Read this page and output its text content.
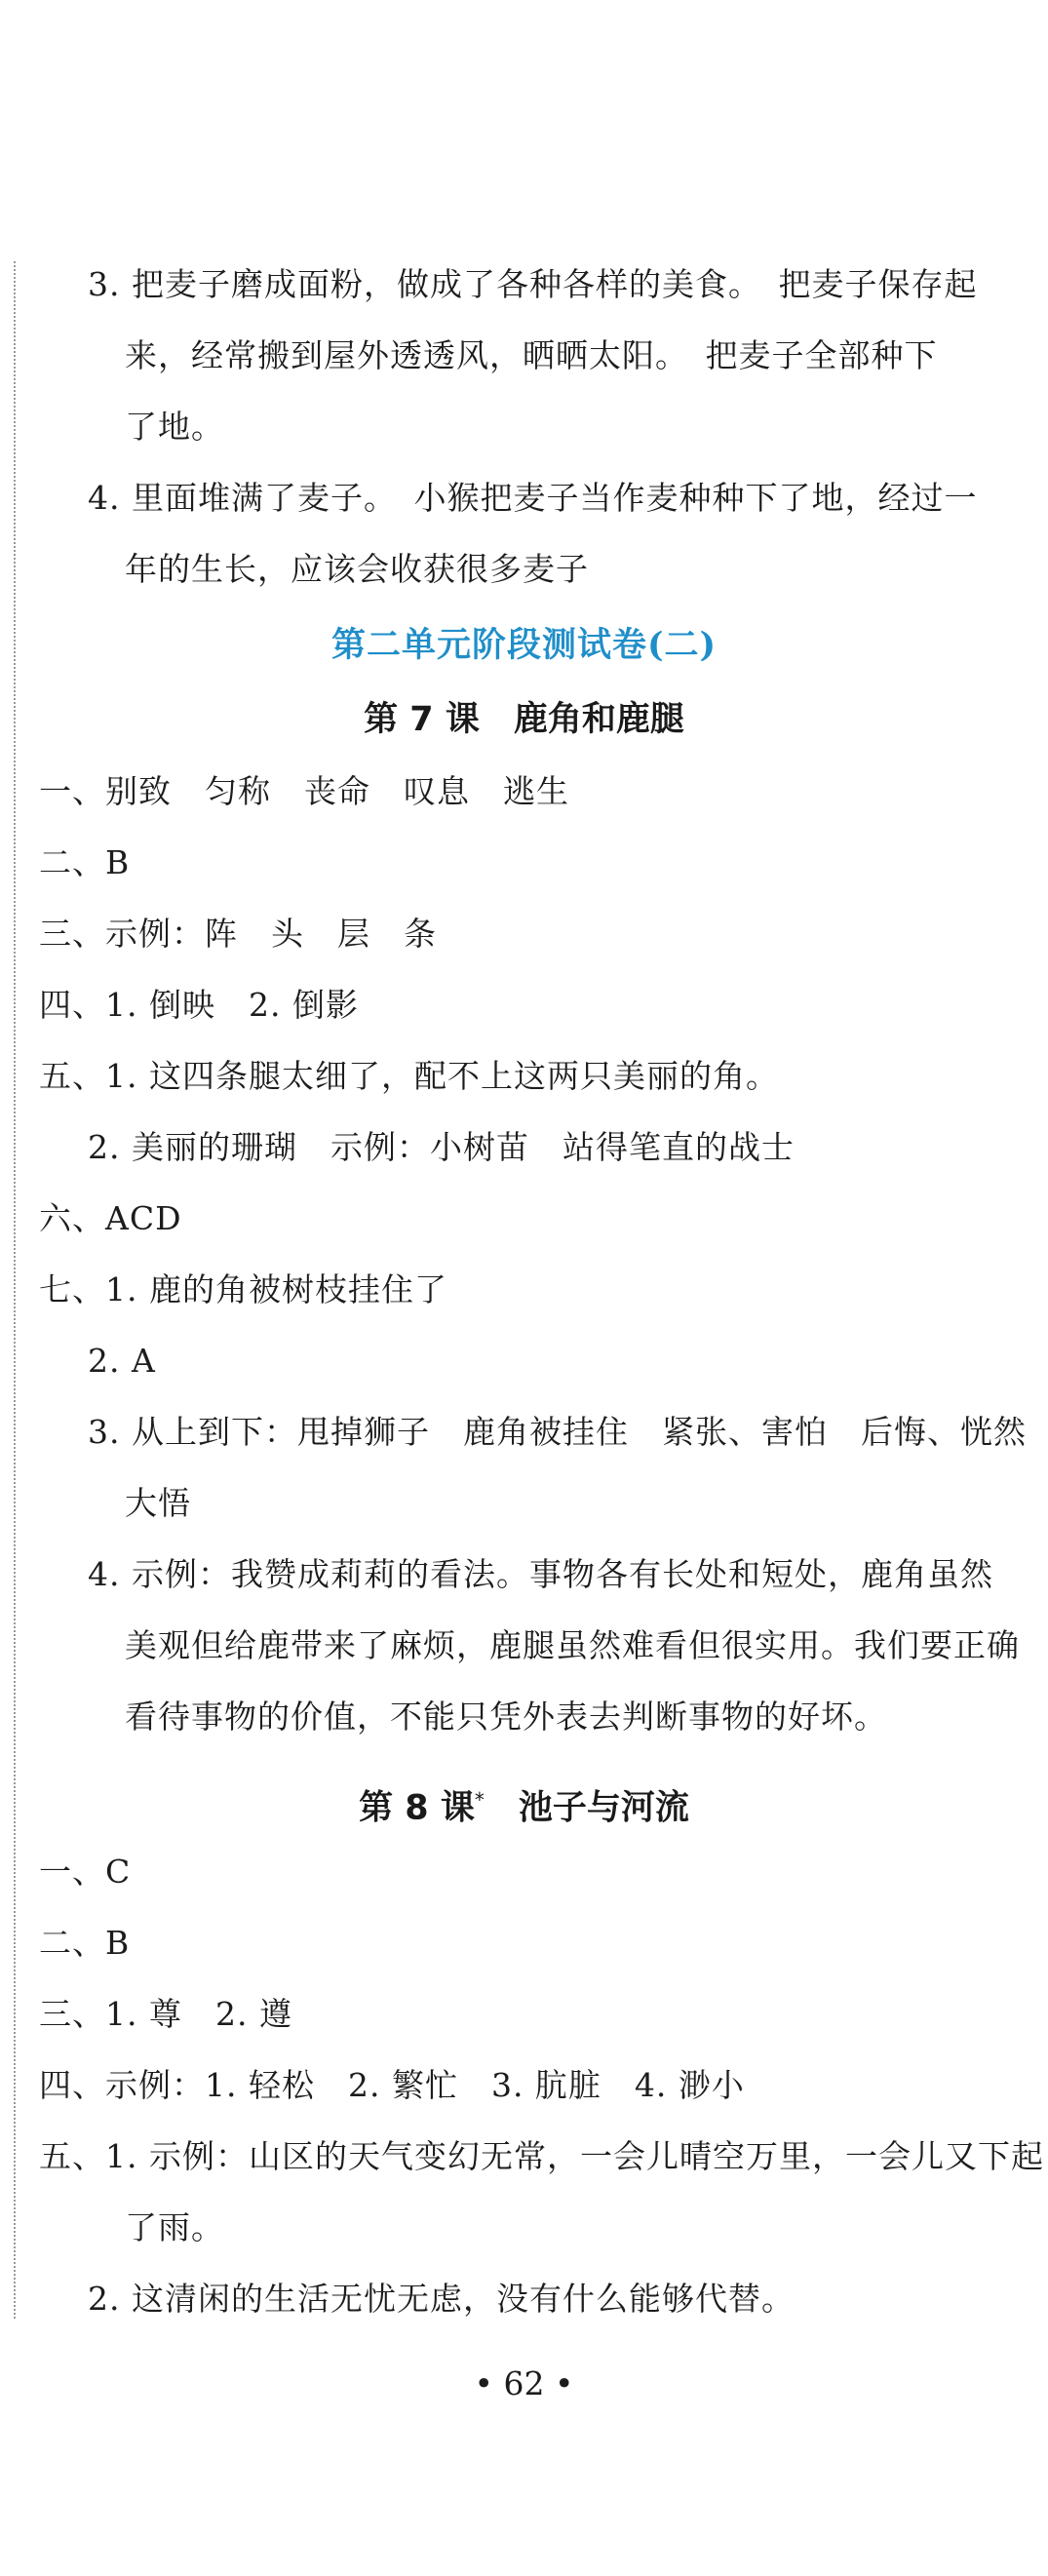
3. 把麦子磨成面粉，做成了各种各样的美食。　把麦子保存起
来，经常搬到屋外透透风，晒晒太阳。　把麦子全部种下
了地。
4. 里面堆满了麦子。　小猴把麦子当作麦种种下了地，经过一
年的生长，应该会收获很多麦子
第二单元阶段测试卷(二)
第 7 课　鹿角和鹿腿
一、别致　匀称　丧命　叹息　逃生
二、B
三、示例：阵　头　层　条
四、1. 倒映　2. 倒影
五、1. 这四条腿太细了，配不上这两只美丽的角。
2. 美丽的珊瑚　示例：小树苗　站得笔直的战士
六、ACD
七、1. 鹿的角被树枝挂住了
2. A
3. 从上到下：甩掉狮子　鹿角被挂住　紧张、害怕　后悔、恍然
大悟
4. 示例：我赞成莉莉的看法。事物各有长处和短处，鹿角虽然
美观但给鹿带来了麻烦，鹿腿虽然难看但很实用。我们要正确
看待事物的价值，不能只凭外表去判断事物的好坏。
第 8 课*　池子与河流
一、C
二、B
三、1. 尊　2. 遵
四、示例：1. 轻松　2. 繁忙　3. 肮脏　4. 渺小
五、1. 示例：山区的天气变幻无常，一会儿晴空万里，一会儿又下起
了雨。
2. 这清闲的生活无忧无虑，没有什么能够代替。
• 62 •
